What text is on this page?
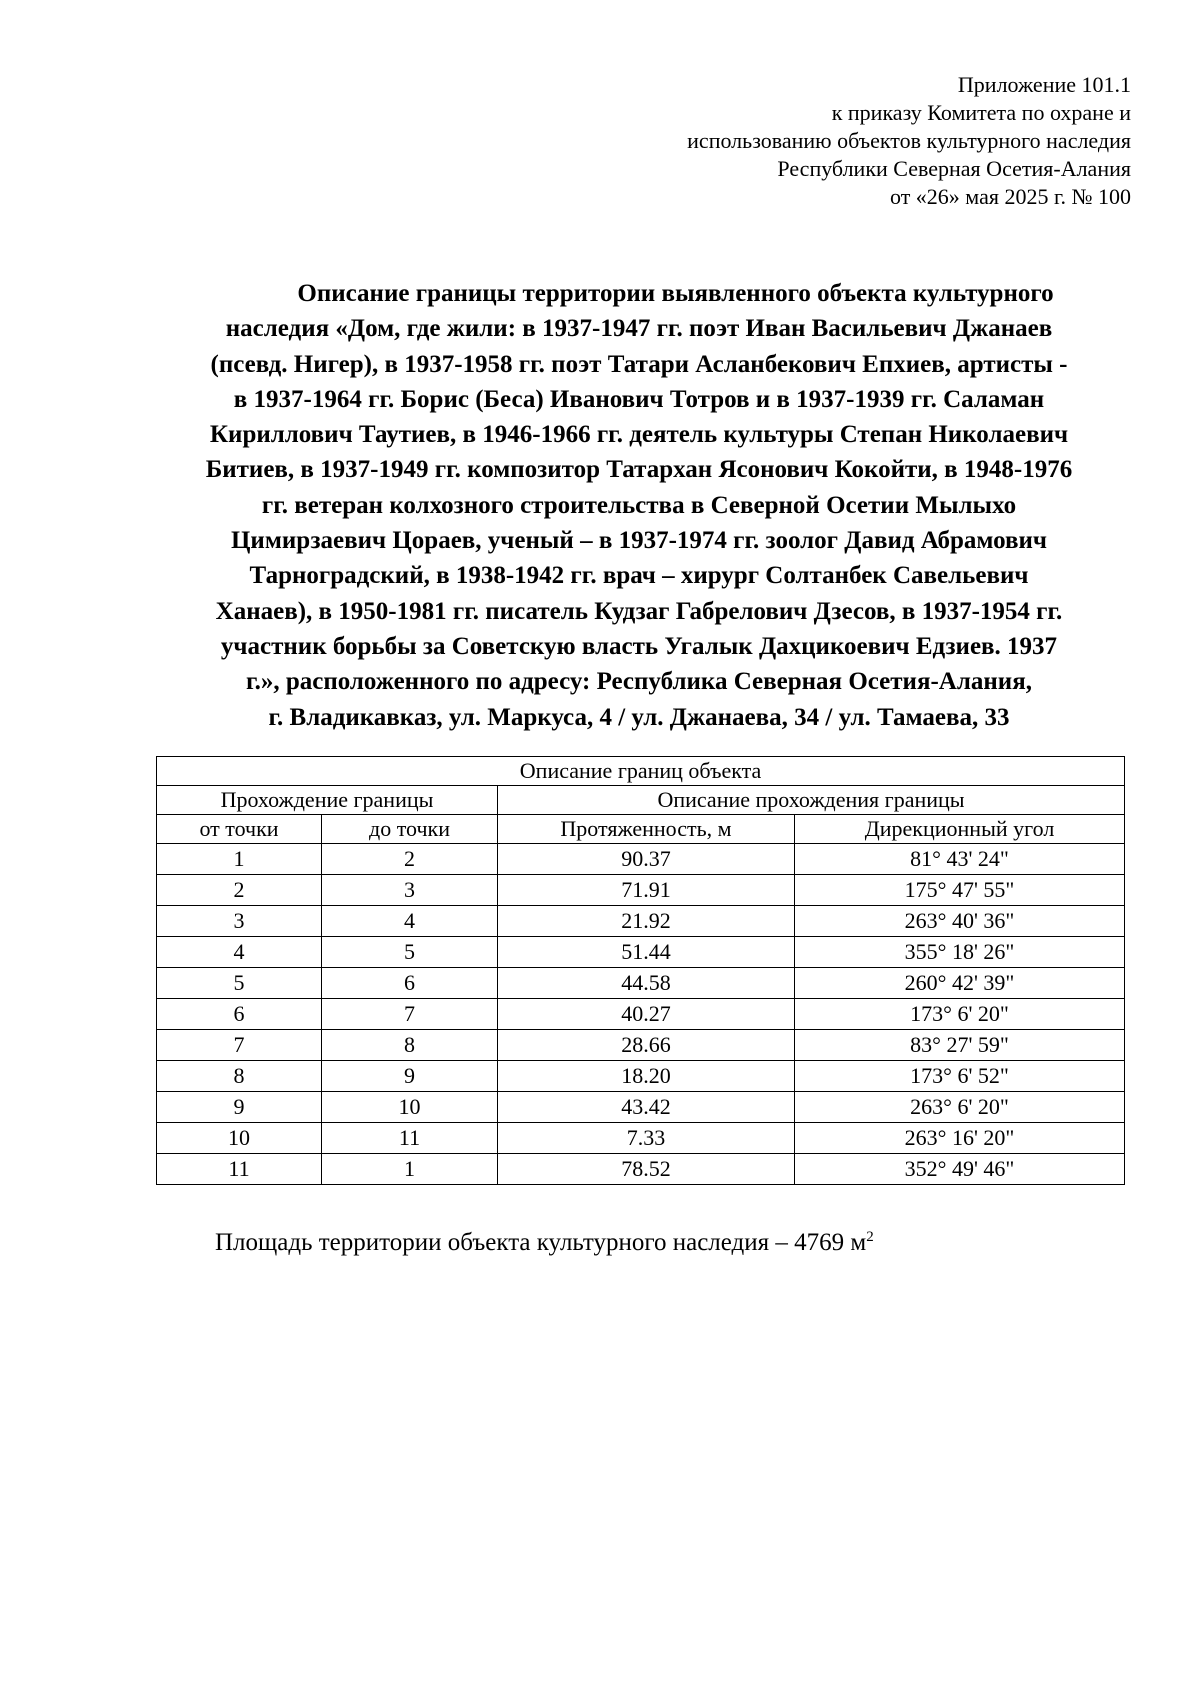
Приложение 101.1
к приказу Комитета по охране и
использованию объектов культурного наследия
Республики Северная Осетия-Алания
от «26» мая 2025 г. № 100
Описание границы территории выявленного объекта культурного
наследия «Дом, где жили: в 1937-1947 гг. поэт Иван Васильевич Джанаев
(псевд. Нигер), в 1937-1958 гг. поэт Татари Асланбекович Епхиев, артисты -
в 1937-1964 гг. Борис (Беса) Иванович Тотров и в 1937-1939 гг. Саламан
Кириллович Таутиев, в 1946-1966 гг. деятель культуры Степан Николаевич
Битиев, в 1937-1949 гг. композитор Татархан Ясонович Кокойти, в 1948-1976
гг. ветеран колхозного строительства в Северной Осетии Мылыхо
Цимирзаевич Цораев, ученый – в 1937-1974 гг. зоолог Давид Абрамович
Тарноградский, в 1938-1942 гг. врач – хирург Солтанбек Савельевич
Ханаев), в 1950-1981 гг. писатель Кудзаг Габрелович Дзесов, в 1937-1954 гг.
участник борьбы за Советскую власть Угалык Дахцикоевич Едзиев. 1937
г.», расположенного по адресу: Республика Северная Осетия-Алания,
г. Владикавказ, ул. Маркуса, 4 / ул. Джанаева, 34 / ул. Тамаева, 33
Описание границ объекта			
Прохождение границы		Описание прохождения границы	
от точки	до точки	Протяженность, м	Дирекционный угол
1	2	90.37	81° 43' 24"
2	3	71.91	175° 47' 55"
3	4	21.92	263° 40' 36"
4	5	51.44	355° 18' 26"
5	6	44.58	260° 42' 39"
6	7	40.27	173° 6' 20"
7	8	28.66	83° 27' 59"
8	9	18.20	173° 6' 52"
9	10	43.42	263° 6' 20"
10	11	7.33	263° 16' 20"
11	1	78.52	352° 49' 46"
Площадь территории объекта культурного наследия – 4769 $м^2$
